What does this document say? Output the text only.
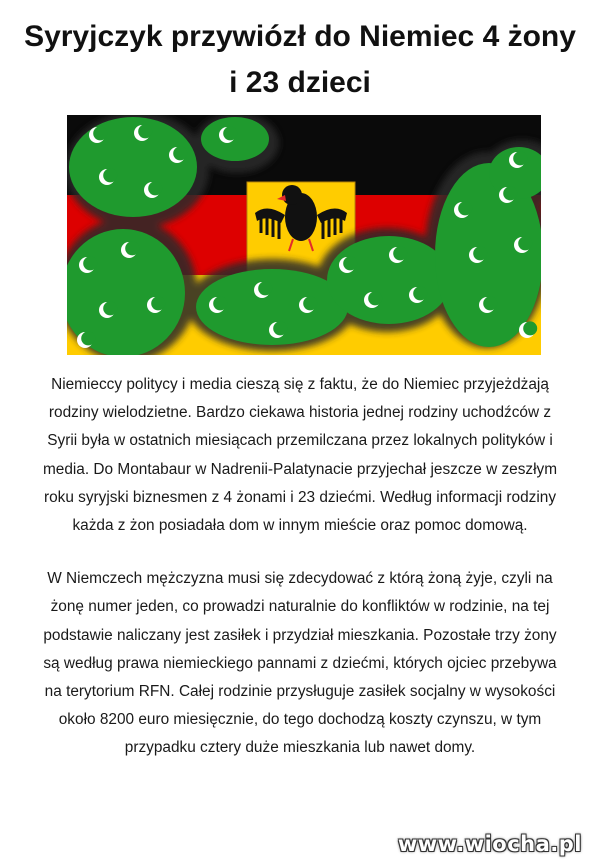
Syryjczyk przywiózł do Niemiec 4 żony
i 23 dzieci

Niemieccy politycy i media cieszą się z faktu, że do Niemiec przyjeżdżają rodziny wielodzietne. Bardzo ciekawa historia jednej rodziny uchodźców z Syrii była w ostatnich miesiącach przemilczana przez lokalnych polityków i media. Do Montabaur w Nadrenii-Palatynacie przyjechał jeszcze w zeszłym roku syryjski biznesmen z 4 żonami i 23 dziećmi. Według informacji rodziny każda z żon posiadała dom w innym mieście oraz pomoc domową.

W Niemczech mężczyzna musi się zdecydować z którą żoną żyje, czyli na żonę numer jeden, co prowadzi naturalnie do konfliktów w rodzinie, na tej podstawie naliczany jest zasiłek i przydział mieszkania. Pozostałe trzy żony są według prawa niemieckiego pannami z dziećmi, których ojciec przebywa na terytorium RFN. Całej rodzinie przysługuje zasiłek socjalny w wysokości około 8200 euro miesięcznie, do tego dochodzą koszty czynszu, w tym przypadku cztery duże mieszkania lub nawet domy.

www.wiocha.pl
